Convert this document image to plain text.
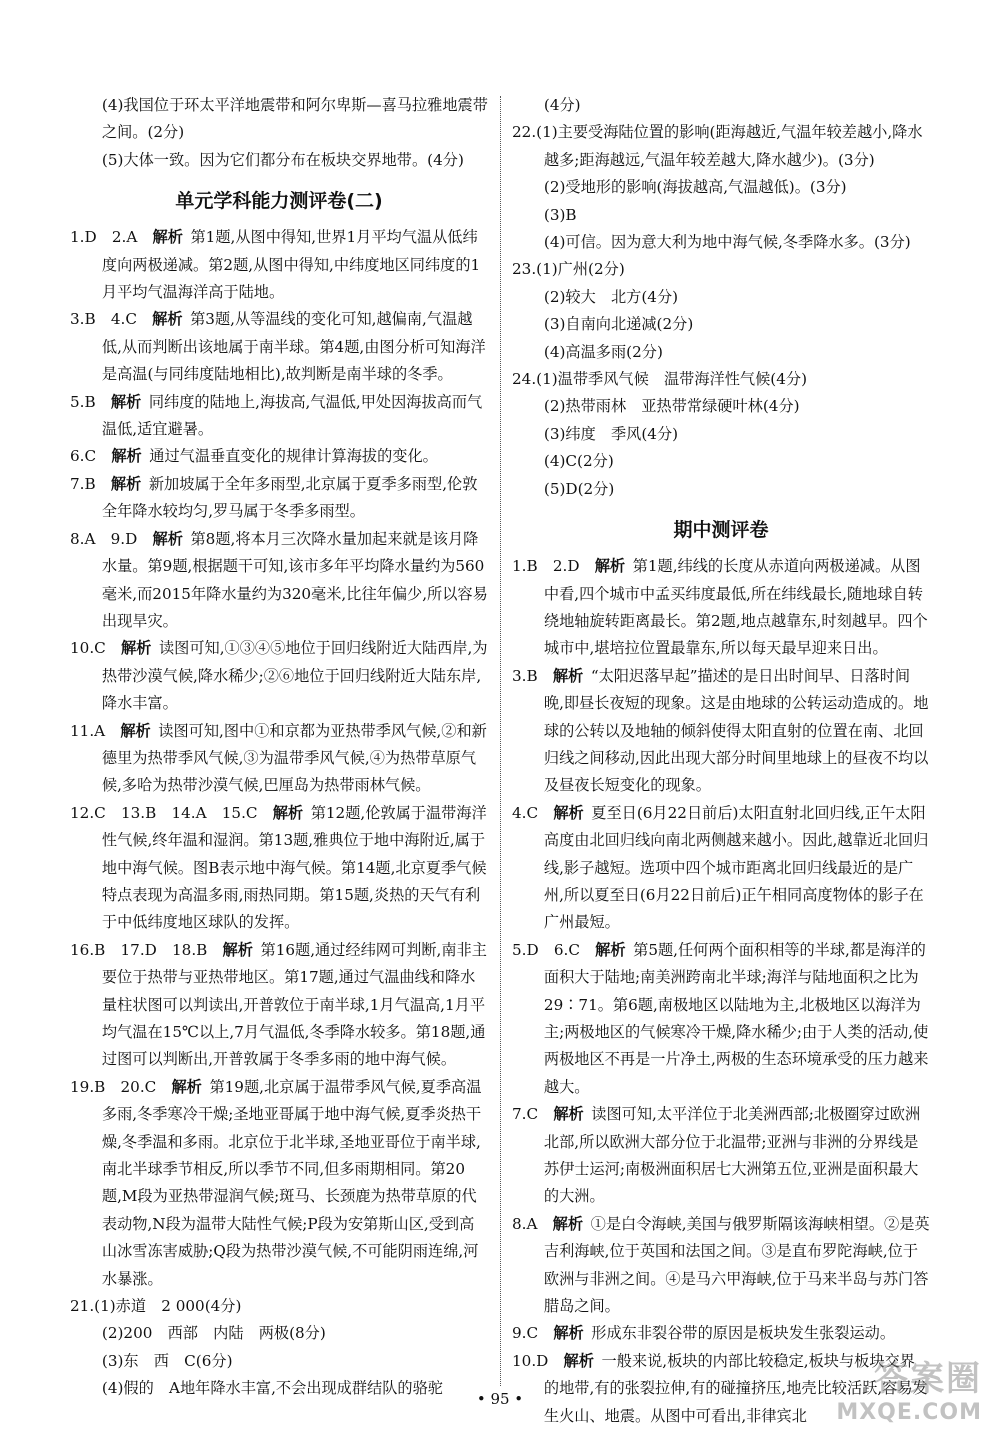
(4)我国位于环太平洋地震带和阿尔卑斯—喜马拉雅地震带之间。(2分)

(5)大体一致。因为它们都分布在板块交界地带。(4分)

单元学科能力测评卷(二)

1.D　2.A　解析  第1题,从图中得知,世界1月平均气温从低纬度向两极递减。第2题,从图中得知,中纬度地区同纬度的1月平均气温海洋高于陆地。

3.B　4.C　解析  第3题,从等温线的变化可知,越偏南,气温越低,从而判断出该地属于南半球。第4题,由图分析可知海洋是高温(与同纬度陆地相比),故判断是南半球的冬季。

5.B　解析  同纬度的陆地上,海拔高,气温低,甲处因海拔高而气温低,适宜避暑。

6.C　解析  通过气温垂直变化的规律计算海拔的变化。

7.B　解析  新加坡属于全年多雨型,北京属于夏季多雨型,伦敦全年降水较均匀,罗马属于冬季多雨型。

8.A　9.D　解析  第8题,将本月三次降水量加起来就是该月降水量。第9题,根据题干可知,该市多年平均降水量约为560毫米,而2015年降水量约为320毫米,比往年偏少,所以容易出现旱灾。

10.C　解析  读图可知,①③④⑤地位于回归线附近大陆西岸,为热带沙漠气候,降水稀少;②⑥地位于回归线附近大陆东岸,降水丰富。

11.A　解析  读图可知,图中①和京都为亚热带季风气候,②和新德里为热带季风气候,③为温带季风气候,④为热带草原气候,多哈为热带沙漠气候,巴厘岛为热带雨林气候。

12.C　13.B　14.A　15.C　解析  第12题,伦敦属于温带海洋性气候,终年温和湿润。第13题,雅典位于地中海附近,属于地中海气候。图B表示地中海气候。第14题,北京夏季气候特点表现为高温多雨,雨热同期。第15题,炎热的天气有利于中低纬度地区球队的发挥。

16.B　17.D　18.B　解析  第16题,通过经纬网可判断,南非主要位于热带与亚热带地区。第17题,通过气温曲线和降水量柱状图可以判读出,开普敦位于南半球,1月气温高,1月平均气温在15℃以上,7月气温低,冬季降水较多。第18题,通过图可以判断出,开普敦属于冬季多雨的地中海气候。

19.B　20.C　解析  第19题,北京属于温带季风气候,夏季高温多雨,冬季寒冷干燥;圣地亚哥属于地中海气候,夏季炎热干燥,冬季温和多雨。北京位于北半球,圣地亚哥位于南半球,南北半球季节相反,所以季节不同,但多雨期相同。第20题,M段为亚热带湿润气候;斑马、长颈鹿为热带草原的代表动物,N段为温带大陆性气候;P段为安第斯山区,受到高山冰雪冻害威胁;Q段为热带沙漠气候,不可能阴雨连绵,河水暴涨。

21.(1)赤道　2 000(4分)

(2)200　西部　内陆　两极(8分)

(3)东　西　C(6分)

(4)假的　A地年降水丰富,不会出现成群结队的骆驼

(4分)

22.(1)主要受海陆位置的影响(距海越近,气温年较差越小,降水越多;距海越远,气温年较差越大,降水越少)。(3分)

(2)受地形的影响(海拔越高,气温越低)。(3分)

(3)B

(4)可信。因为意大利为地中海气候,冬季降水多。(3分)

23.(1)广州(2分)

(2)较大　北方(4分)

(3)自南向北递减(2分)

(4)高温多雨(2分)

24.(1)温带季风气候　温带海洋性气候(4分)

(2)热带雨林　亚热带常绿硬叶林(4分)

(3)纬度　季风(4分)

(4)C(2分)

(5)D(2分)

期中测评卷

1.B　2.D　解析  第1题,纬线的长度从赤道向两极递减。从图中看,四个城市中孟买纬度最低,所在纬线最长,随地球自转绕地轴旋转距离最长。第2题,地点越靠东,时刻越早。四个城市中,堪培拉位置最靠东,所以每天最早迎来日出。

3.B　解析  “太阳迟落早起”描述的是日出时间早、日落时间晚,即昼长夜短的现象。这是由地球的公转运动造成的。地球的公转以及地轴的倾斜使得太阳直射的位置在南、北回归线之间移动,因此出现大部分时间里地球上的昼夜不均以及昼夜长短变化的现象。

4.C　解析  夏至日(6月22日前后)太阳直射北回归线,正午太阳高度由北回归线向南北两侧越来越小。因此,越靠近北回归线,影子越短。选项中四个城市距离北回归线最近的是广州,所以夏至日(6月22日前后)正午相同高度物体的影子在广州最短。

5.D　6.C　解析  第5题,任何两个面积相等的半球,都是海洋的面积大于陆地;南美洲跨南北半球;海洋与陆地面积之比为29∶71。第6题,南极地区以陆地为主,北极地区以海洋为主;两极地区的气候寒冷干燥,降水稀少;由于人类的活动,使两极地区不再是一片净土,两极的生态环境承受的压力越来越大。

7.C　解析  读图可知,太平洋位于北美洲西部;北极圈穿过欧洲北部,所以欧洲大部分位于北温带;亚洲与非洲的分界线是苏伊士运河;南极洲面积居七大洲第五位,亚洲是面积最大的大洲。

8.A　解析  ①是白令海峡,美国与俄罗斯隔该海峡相望。②是英吉利海峡,位于英国和法国之间。③是直布罗陀海峡,位于欧洲与非洲之间。④是马六甲海峡,位于马来半岛与苏门答腊岛之间。

9.C　解析  形成东非裂谷带的原因是板块发生张裂运动。

10.D　解析  一般来说,板块的内部比较稳定,板块与板块交界的地带,有的张裂拉伸,有的碰撞挤压,地壳比较活跃,容易发生火山、地震。从图中可看出,非律宾北

• 95 •	答案圈
MXQE.COM
